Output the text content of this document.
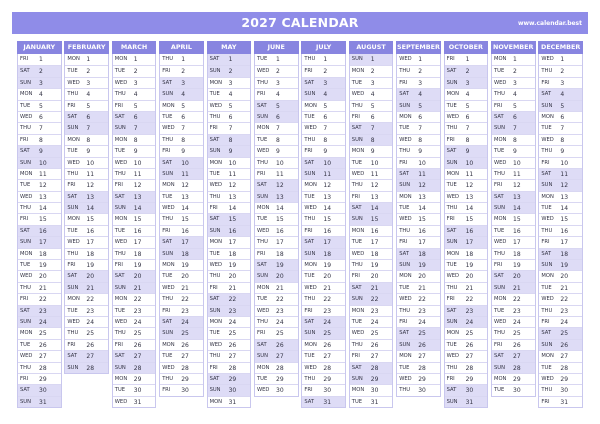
2027 CALENDAR	www.calendar.best
JANUARY
FRI 1
SAT 2
SUN 3
MON 4
TUE 5
WED 6
THU 7
FRI 8
SAT 9
SUN 10
MON 11
TUE 12
WED 13
THU 14
FRI 15
SAT 16
SUN 17
MON 18
TUE 19
WED 20
THU 21
FRI 22
SAT 23
SUN 24
MON 25
TUE 26
WED 27
THU 28
FRI 29
SAT 30
SUN 31
FEBRUARY
MON 1
TUE 2
WED 3
THU 4
FRI 5
SAT 6
SUN 7
MON 8
TUE 9
WED 10
THU 11
FRI 12
SAT 13
SUN 14
MON 15
TUE 16
WED 17
THU 18
FRI 19
SAT 20
SUN 21
MON 22
TUE 23
WED 24
THU 25
FRI 26
SAT 27
SUN 28
MARCH
MON 1
TUE 2
WED 3
THU 4
FRI 5
SAT 6
SUN 7
MON 8
TUE 9
WED 10
THU 11
FRI 12
SAT 13
SUN 14
MON 15
TUE 16
WED 17
THU 18
FRI 19
SAT 20
SUN 21
MON 22
TUE 23
WED 24
THU 25
FRI 26
SAT 27
SUN 28
MON 29
TUE 30
WED 31
APRIL
THU 1
FRI 2
SAT 3
SUN 4
MON 5
TUE 6
WED 7
THU 8
FRI 9
SAT 10
SUN 11
MON 12
TUE 13
WED 14
THU 15
FRI 16
SAT 17
SUN 18
MON 19
TUE 20
WED 21
THU 22
FRI 23
SAT 24
SUN 25
MON 26
TUE 27
WED 28
THU 29
FRI 30
MAY
SAT 1
SUN 2
MON 3
TUE 4
WED 5
THU 6
FRI 7
SAT 8
SUN 9
MON 10
TUE 11
WED 12
THU 13
FRI 14
SAT 15
SUN 16
MON 17
TUE 18
WED 19
THU 20
FRI 21
SAT 22
SUN 23
MON 24
TUE 25
WED 26
THU 27
FRI 28
SAT 29
SUN 30
MON 31
JUNE
TUE 1
WED 2
THU 3
FRI 4
SAT 5
SUN 6
MON 7
TUE 8
WED 9
THU 10
FRI 11
SAT 12
SUN 13
MON 14
TUE 15
WED 16
THU 17
FRI 18
SAT 19
SUN 20
MON 21
TUE 22
WED 23
THU 24
FRI 25
SAT 26
SUN 27
MON 28
TUE 29
WED 30
JULY
THU 1
FRI 2
SAT 3
SUN 4
MON 5
TUE 6
WED 7
THU 8
FRI 9
SAT 10
SUN 11
MON 12
TUE 13
WED 14
THU 15
FRI 16
SAT 17
SUN 18
MON 19
TUE 20
WED 21
THU 22
FRI 23
SAT 24
SUN 25
MON 26
TUE 27
WED 28
THU 29
FRI 30
SAT 31
AUGUST
SUN 1
MON 2
TUE 3
WED 4
THU 5
FRI 6
SAT 7
SUN 8
MON 9
TUE 10
WED 11
THU 12
FRI 13
SAT 14
SUN 15
MON 16
TUE 17
WED 18
THU 19
FRI 20
SAT 21
SUN 22
MON 23
TUE 24
WED 25
THU 26
FRI 27
SAT 28
SUN 29
MON 30
TUE 31
SEPTEMBER
WED 1
THU 2
FRI 3
SAT 4
SUN 5
MON 6
TUE 7
WED 8
THU 9
FRI 10
SAT 11
SUN 12
MON 13
TUE 14
WED 15
THU 16
FRI 17
SAT 18
SUN 19
MON 20
TUE 21
WED 22
THU 23
FRI 24
SAT 25
SUN 26
MON 27
TUE 28
WED 29
THU 30
OCTOBER
FRI 1
SAT 2
SUN 3
MON 4
TUE 5
WED 6
THU 7
FRI 8
SAT 9
SUN 10
MON 11
TUE 12
WED 13
THU 14
FRI 15
SAT 16
SUN 17
MON 18
TUE 19
WED 20
THU 21
FRI 22
SAT 23
SUN 24
MON 25
TUE 26
WED 27
THU 28
FRI 29
SAT 30
SUN 31
NOVEMBER
MON 1
TUE 2
WED 3
THU 4
FRI 5
SAT 6
SUN 7
MON 8
TUE 9
WED 10
THU 11
FRI 12
SAT 13
SUN 14
MON 15
TUE 16
WED 17
THU 18
FRI 19
SAT 20
SUN 21
MON 22
TUE 23
WED 24
THU 25
FRI 26
SAT 27
SUN 28
MON 29
TUE 30
DECEMBER
WED 1
THU 2
FRI 3
SAT 4
SUN 5
MON 6
TUE 7
WED 8
THU 9
FRI 10
SAT 11
SUN 12
MON 13
TUE 14
WED 15
THU 16
FRI 17
SAT 18
SUN 19
MON 20
TUE 21
WED 22
THU 23
FRI 24
SAT 25
SUN 26
MON 27
TUE 28
WED 29
THU 30
FRI 31
